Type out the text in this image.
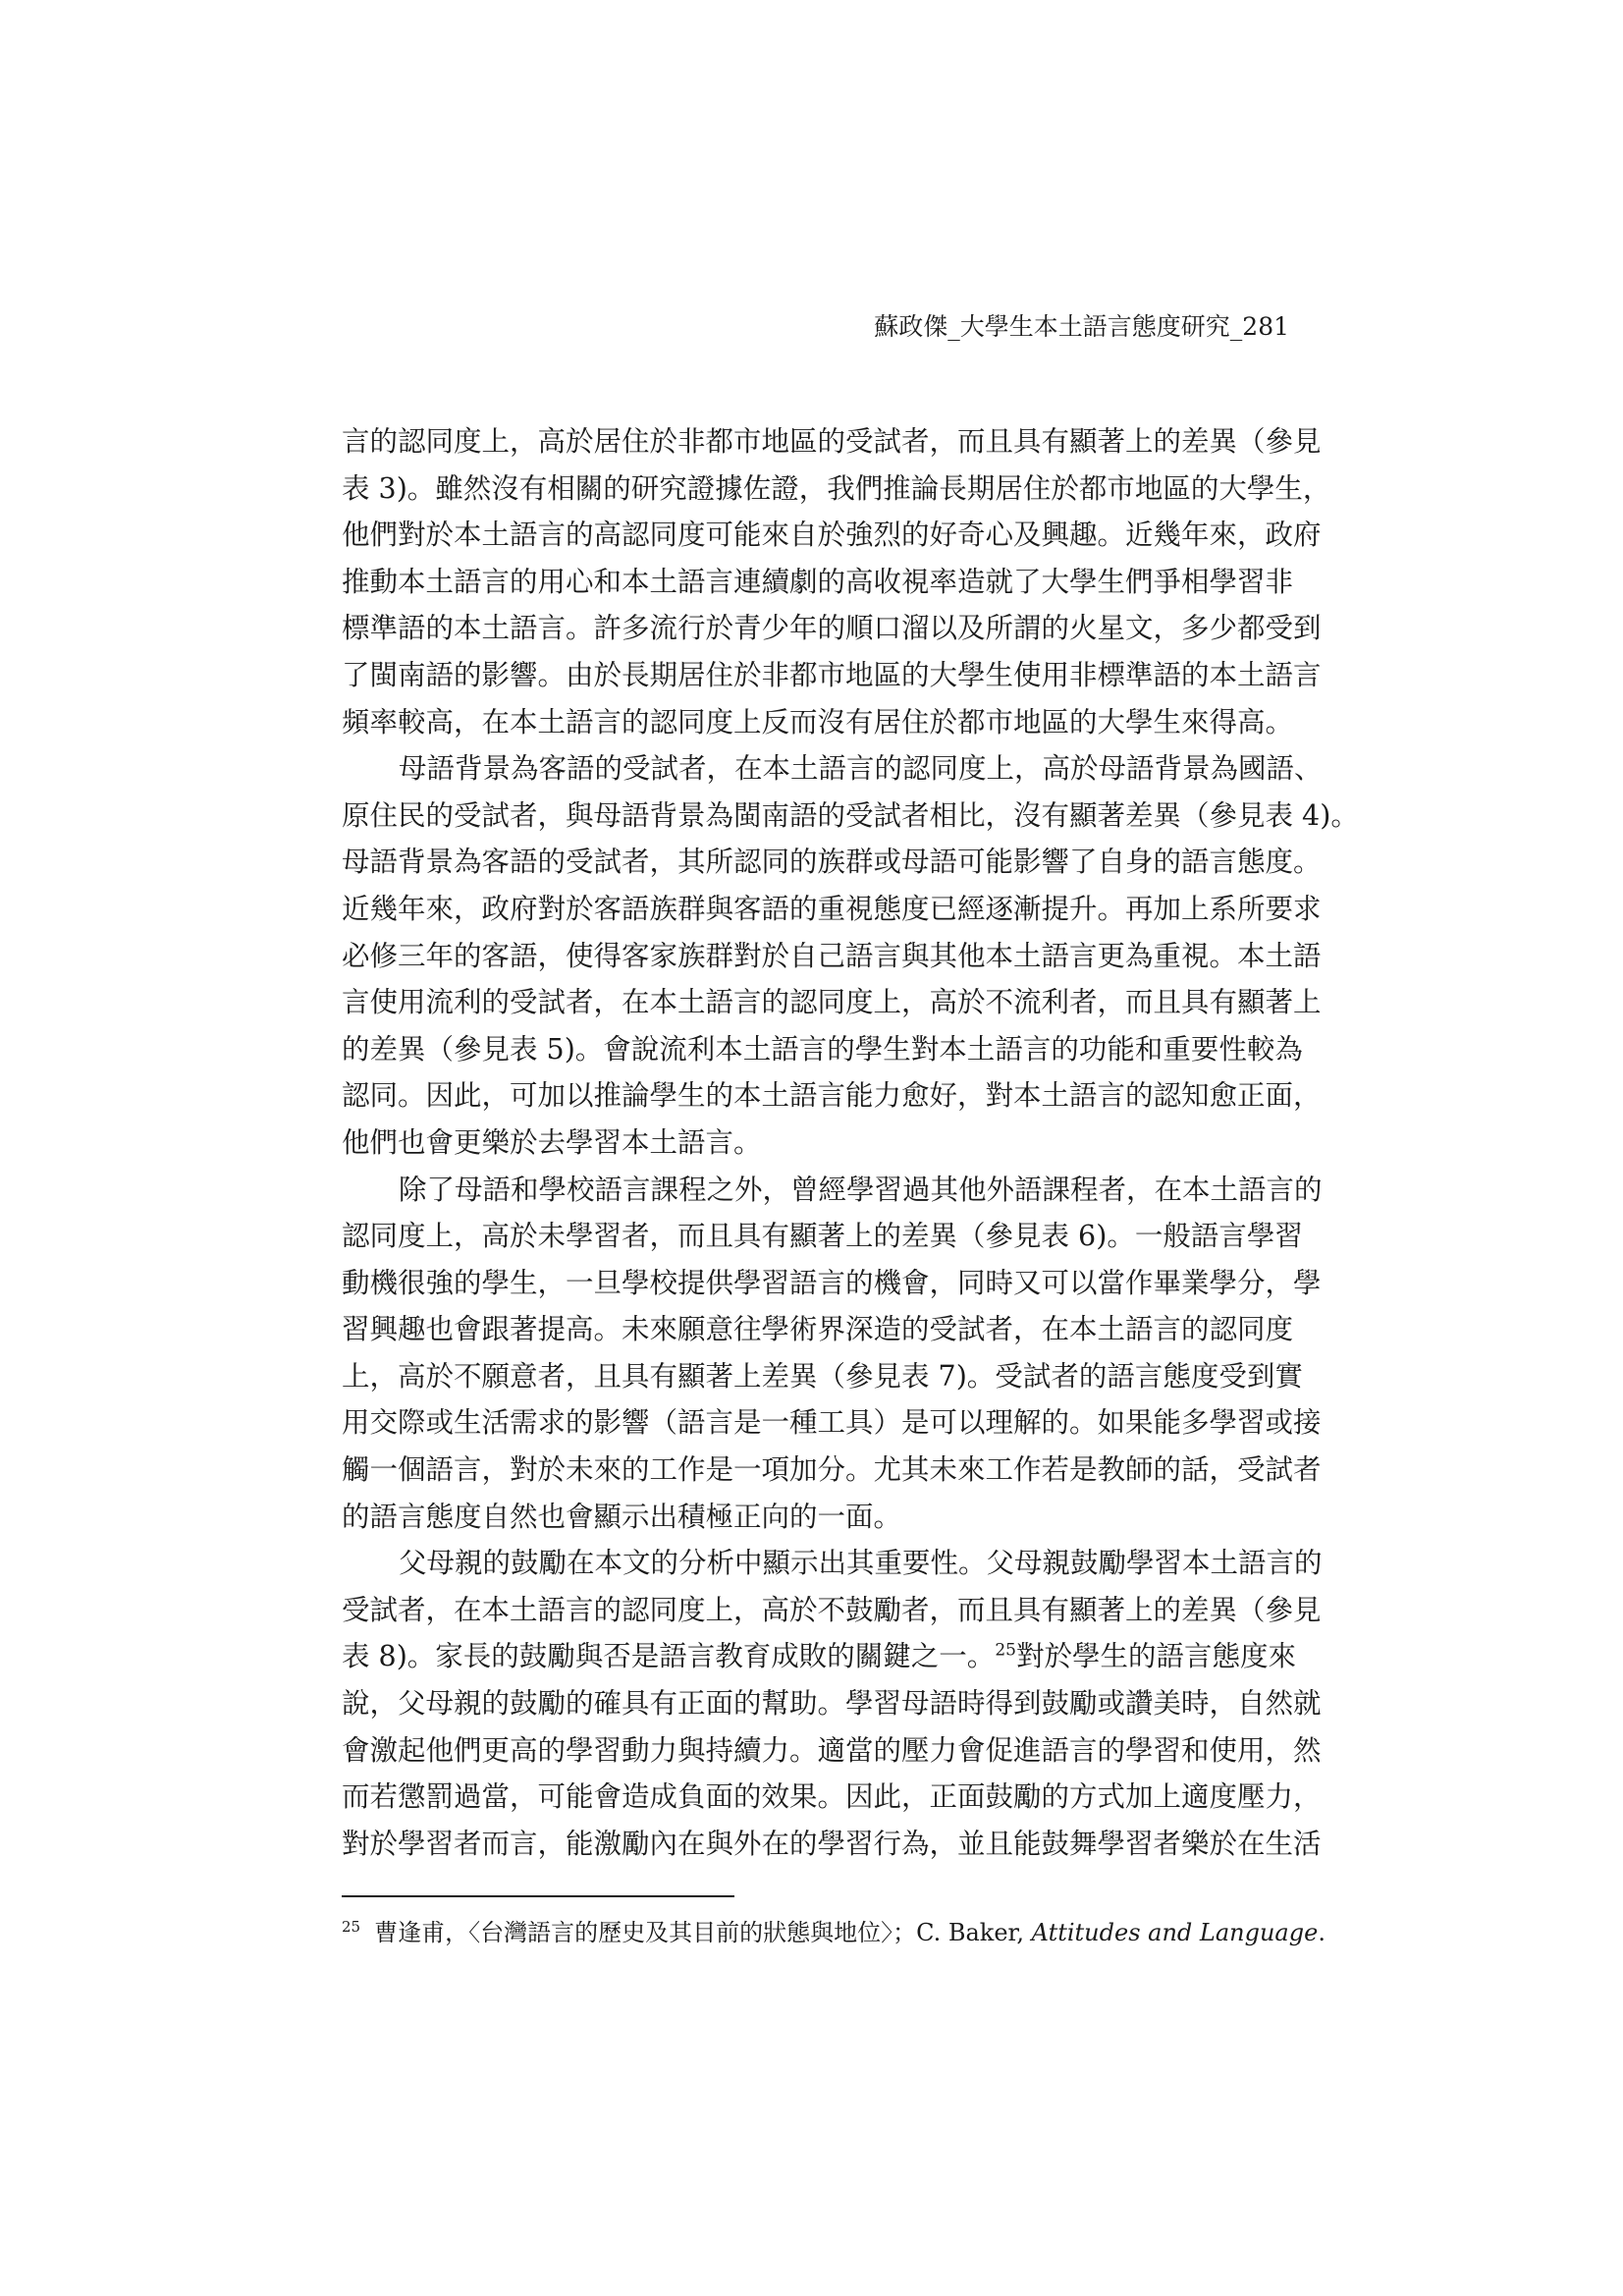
蘇政傑_大學生本土語言態度研究_281

言的認同度上，高於居住於非都市地區的受試者，而且具有顯著上的差異（參見
表 3)。雖然沒有相關的研究證據佐證，我們推論長期居住於都市地區的大學生，
他們對於本土語言的高認同度可能來自於強烈的好奇心及興趣。近幾年來，政府
推動本土語言的用心和本土語言連續劇的高收視率造就了大學生們爭相學習非
標準語的本土語言。許多流行於青少年的順口溜以及所謂的火星文，多少都受到
了閩南語的影響。由於長期居住於非都市地區的大學生使用非標準語的本土語言
頻率較高，在本土語言的認同度上反而沒有居住於都市地區的大學生來得高。

母語背景為客語的受試者，在本土語言的認同度上，高於母語背景為國語、
原住民的受試者，與母語背景為閩南語的受試者相比，沒有顯著差異（參見表 4)。
母語背景為客語的受試者，其所認同的族群或母語可能影響了自身的語言態度。
近幾年來，政府對於客語族群與客語的重視態度已經逐漸提升。再加上系所要求
必修三年的客語，使得客家族群對於自己語言與其他本土語言更為重視。本土語
言使用流利的受試者，在本土語言的認同度上，高於不流利者，而且具有顯著上
的差異（參見表 5)。會說流利本土語言的學生對本土語言的功能和重要性較為
認同。因此，可加以推論學生的本土語言能力愈好，對本土語言的認知愈正面，
他們也會更樂於去學習本土語言。

除了母語和學校語言課程之外，曾經學習過其他外語課程者，在本土語言的
認同度上，高於未學習者，而且具有顯著上的差異（參見表 6)。一般語言學習
動機很強的學生，一旦學校提供學習語言的機會，同時又可以當作畢業學分，學
習興趣也會跟著提高。未來願意往學術界深造的受試者，在本土語言的認同度
上，高於不願意者，且具有顯著上差異（參見表 7)。受試者的語言態度受到實
用交際或生活需求的影響（語言是一種工具）是可以理解的。如果能多學習或接
觸一個語言，對於未來的工作是一項加分。尤其未來工作若是教師的話，受試者
的語言態度自然也會顯示出積極正向的一面。

父母親的鼓勵在本文的分析中顯示出其重要性。父母親鼓勵學習本土語言的
受試者，在本土語言的認同度上，高於不鼓勵者，而且具有顯著上的差異（參見
表 8)。家長的鼓勵與否是語言教育成敗的關鍵之一。$^{25}$對於學生的語言態度來
說，父母親的鼓勵的確具有正面的幫助。學習母語時得到鼓勵或讚美時，自然就
會激起他們更高的學習動力與持續力。適當的壓力會促進語言的學習和使用，然
而若懲罰過當，可能會造成負面的效果。因此，正面鼓勵的方式加上適度壓力，
對於學習者而言，能激勵內在與外在的學習行為，並且能鼓舞學習者樂於在生活

$^{25}$ 曹逢甫，〈台灣語言的歷史及其目前的狀態與地位〉；C. Baker, Attitudes and Language.
